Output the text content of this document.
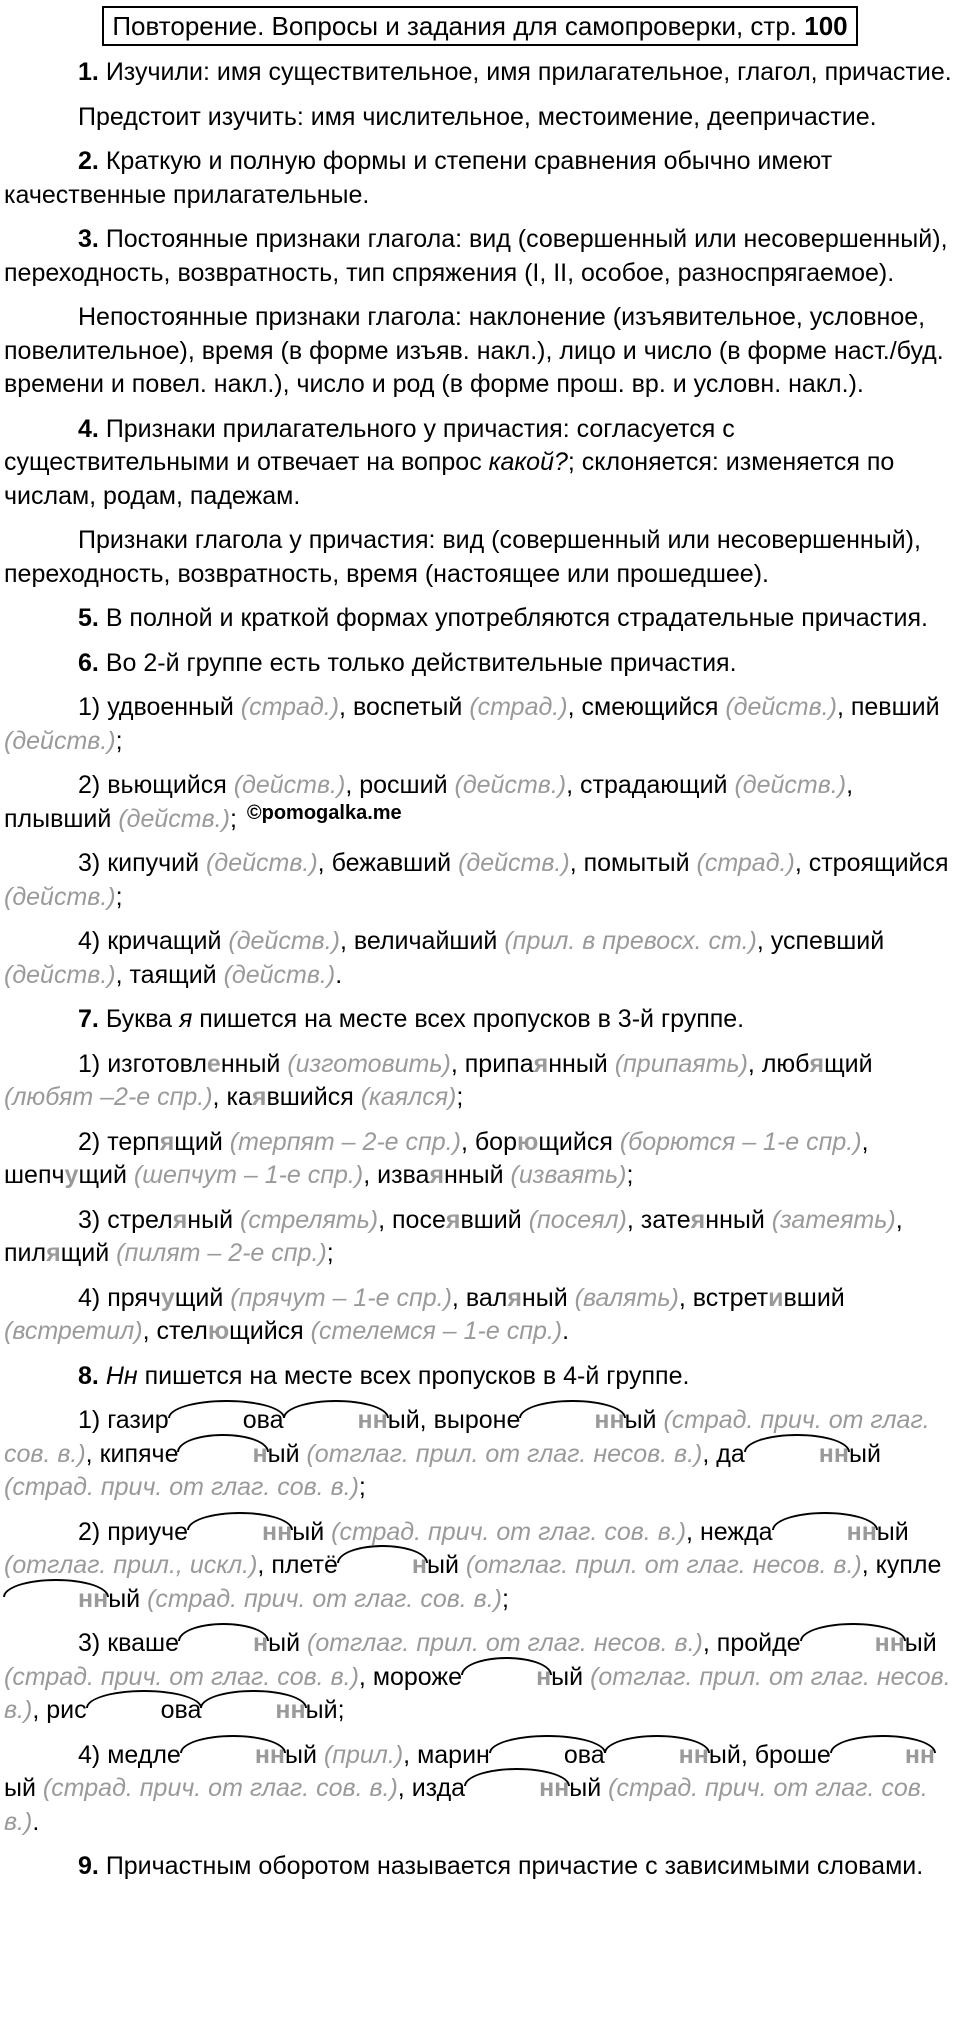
Повторение. Вопросы и задания для самопроверки, стр. 100

1. Изучили: имя существительное, имя прилагательное, глагол, причастие.

Предстоит изучить: имя числительное, местоимение, деепричастие.

2. Краткую и полную формы и степени сравнения обычно имеют качественные прилагательные.

3. Постоянные признаки глагола: вид (совершенный или несовершенный), переходность, возвратность, тип спряжения (I, II, особое, разноспрягаемое).

Непостоянные признаки глагола: наклонение (изъявительное, условное, повелительное), время (в форме изъяв. накл.), лицо и число (в форме наст./буд. времени и повел. накл.), число и род (в форме прош. вр. и условн. накл.).

4. Признаки прилагательного у причастия: согласуется с существительными и отвечает на вопрос какой?; склоняется: изменяется по числам, родам, падежам.

Признаки глагола у причастия: вид (совершенный или несовершенный), переходность, возвратность, время (настоящее или прошедшее).

5. В полной и краткой формах употребляются страдательные причастия.

6. Во 2-й группе есть только действительные причастия.

1) удвоенный (страд.), воспетый (страд.), смеющийся (действ.), певший (действ.);

2) вьющийся (действ.), росший (действ.), страдающий (действ.), плывший (действ.); $^{©pomogalka.me}$

3) кипучий (действ.), бежавший (действ.), помытый (страд.), строящийся (действ.);

4) кричащий (действ.), величайший (прил. в превосх. ст.), успевший (действ.), таящий (действ.).

7. Буква я пишется на месте всех пропусков в 3-й группе.

1) изготовленный (изготовить), припаянный (припаять), любящий (любят –2-е спр.), каявшийся (каялся);

2) терпящий (терпят – 2-е спр.), борющийся (борются – 1-е спр.), шепчущий (шепчут – 1-е спр.), изваянный (изваять);

3) стреляный (стрелять), посеявший (посеял), затеянный (затеять), пилящий (пилят – 2-е спр.);

4) прячущий (прячут – 1-е спр.), валяный (валять), встретивший (встретил), стелющийся (стелемся – 1-е спр.).

8. Нн пишется на месте всех пропусков в 4-й группе.

1) газир	ова	нный, выроне	нный (страд. прич. от глаг. сов. в.), кипяче	ный (отглаг. прил. от глаг. несов. в.), да	нный (страд. прич. от глаг. сов. в.);

2) приуче	нный (страд. прич. от глаг. сов. в.), нежда	нный (отглаг. прил., искл.), плетё	ный (отглаг. прил. от глаг. несов. в.), купленный (страд. прич. от глаг. сов. в.);

3) кваше	ный (отглаг. прил. от глаг. несов. в.), пройде	нный (страд. прич. от глаг. сов. в.), мороже	ный (отглаг. прил. от глаг. несов. в.), рис	ова	нный;

4) медле	нный (прил.), марин	ова	нный, броше	нный (страд. прич. от глаг. сов. в.), изда	нный (страд. прич. от глаг. сов. в.).

9. Причастным оборотом называется причастие с зависимыми словами.
